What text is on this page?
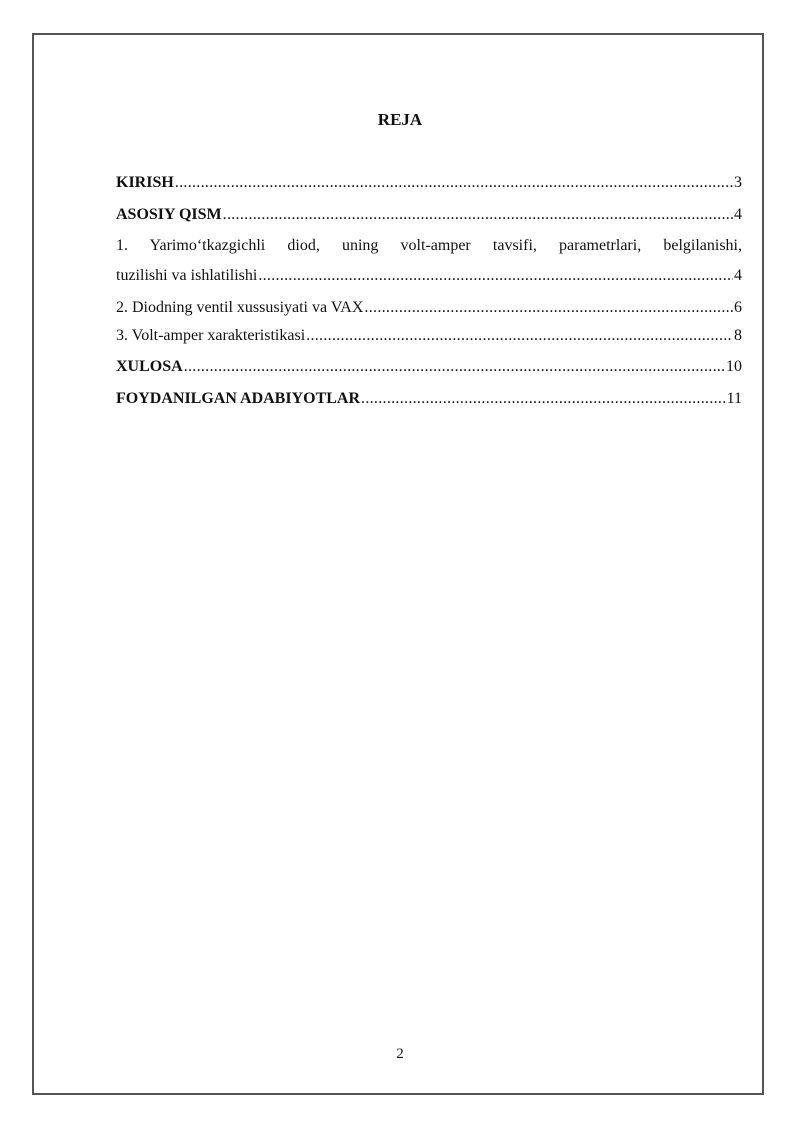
REJA
KIRISH .....	3
ASOSIY QISM .....	4
1. Yarimo‘tkazgichli diod, uning volt-amper tavsifi, parametrlari, belgilanishi,
tuzilishi va ishlatilishi .....	4
2. Diodning ventil xussusiyati va VAX .....	6
3. Volt-amper xarakteristikasi .....	8
XULOSA .....	10
FOYDANILGAN ADABIYOTLAR .....	11
2
